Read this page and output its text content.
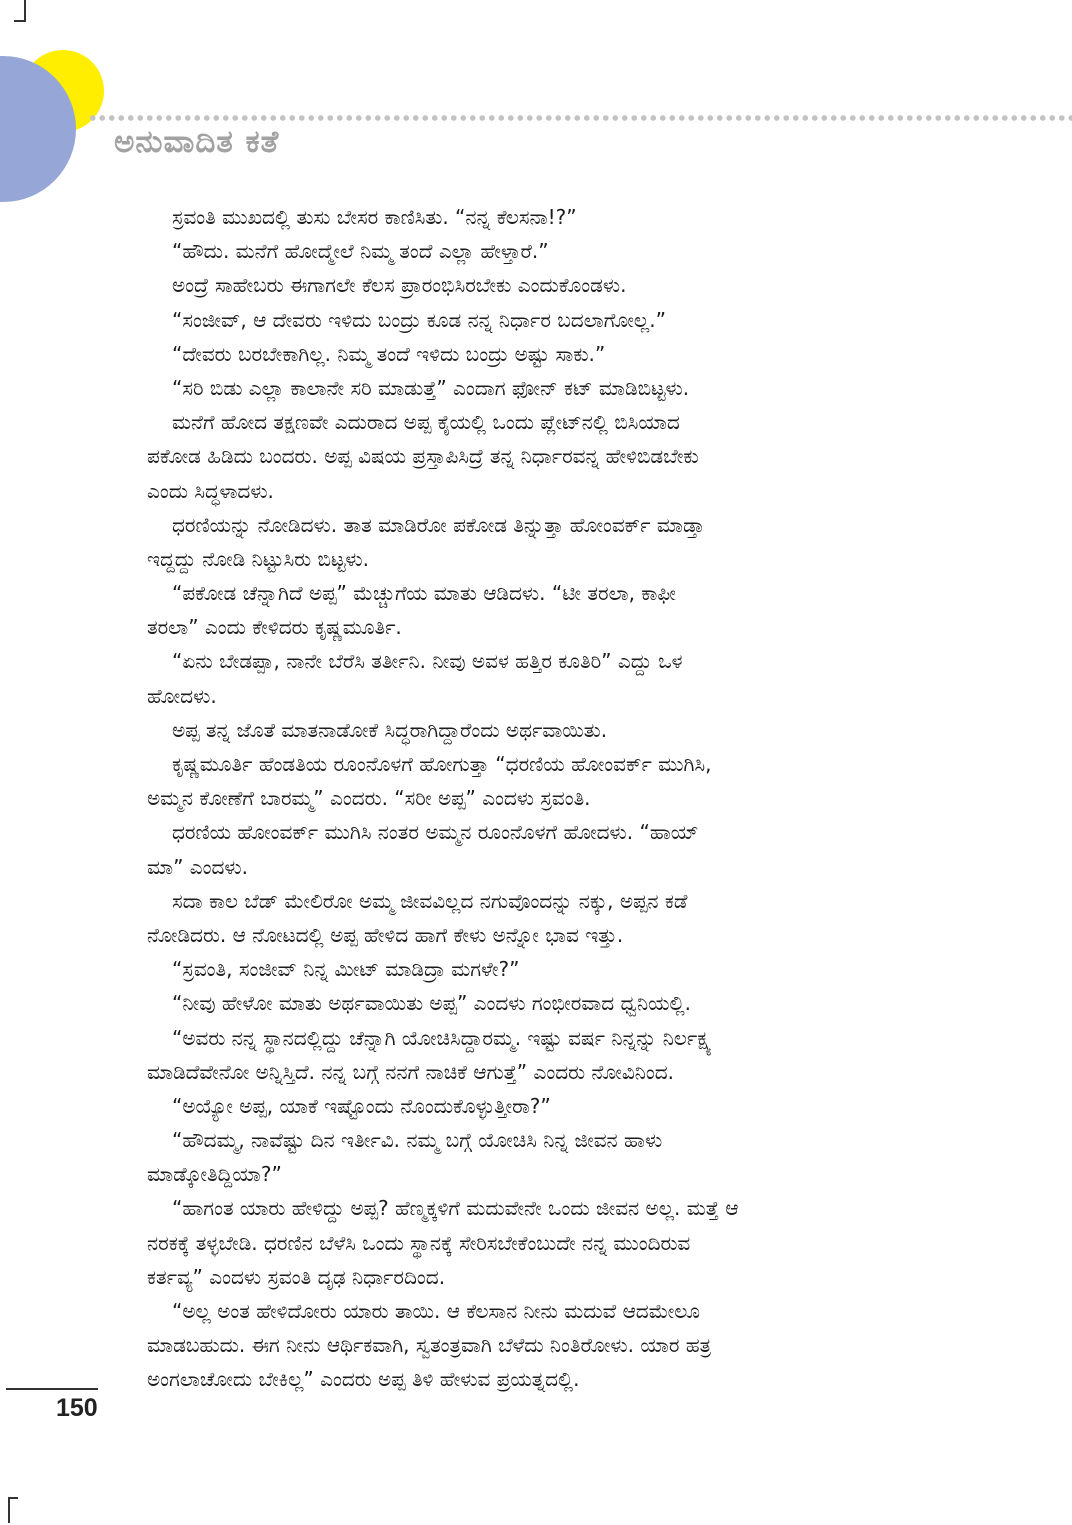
ಅನುವಾದಿತ ಕತೆ
ಸ್ರವಂತಿ ಮುಖದಲ್ಲಿ ತುಸು ಬೇಸರ ಕಾಣಿಸಿತು. “ನನ್ನ ಕೆಲಸನಾ!?”
“ಹೌದು. ಮನೆಗೆ ಹೋದ್ಮೇಲೆ ನಿಮ್ಮ ತಂದೆ ಎಲ್ಲಾ ಹೇಳ್ತಾರೆ.”
ಅಂದ್ರೆ ಸಾಹೇಬರು ಈಗಾಗಲೇ ಕೆಲಸ ಪ್ರಾರಂಭಿಸಿರಬೇಕು ಎಂದುಕೊಂಡಳು.
“ಸಂಜೀವ್, ಆ ದೇವರು ಇಳಿದು ಬಂದ್ರು ಕೂಡ ನನ್ನ ನಿರ್ಧಾರ ಬದಲಾಗೋಲ್ಲ.”
“ದೇವರು ಬರಬೇಕಾಗಿಲ್ಲ. ನಿಮ್ಮ ತಂದೆ ಇಳಿದು ಬಂದ್ರು ಅಷ್ಟು ಸಾಕು.”
“ಸರಿ ಬಿಡು ಎಲ್ಲಾ ಕಾಲಾನೇ ಸರಿ ಮಾಡುತ್ತೆ” ಎಂದಾಗ ಫೋನ್ ಕಟ್ ಮಾಡಿಬಿಟ್ಟಳು.
ಮನೆಗೆ ಹೋದ ತಕ್ಷಣವೇ ಎದುರಾದ ಅಪ್ಪ ಕೈಯಲ್ಲಿ ಒಂದು ಪ್ಲೇಟ್‌ನಲ್ಲಿ ಬಿಸಿಯಾದ
ಪಕೋಡ ಹಿಡಿದು ಬಂದರು. ಅಪ್ಪ ವಿಷಯ ಪ್ರಸ್ತಾಪಿಸಿದ್ರೆ ತನ್ನ ನಿರ್ಧಾರವನ್ನ ಹೇಳಿಬಿಡಬೇಕು
ಎಂದು ಸಿದ್ಧಳಾದಳು.
ಧರಣಿಯನ್ನು ನೋಡಿದಳು. ತಾತ ಮಾಡಿರೋ ಪಕೋಡ ತಿನ್ನುತ್ತಾ ಹೋಂವರ್ಕ್ ಮಾಡ್ತಾ
ಇದ್ದದ್ದು ನೋಡಿ ನಿಟ್ಟುಸಿರು ಬಿಟ್ಟಳು.
“ಪಕೋಡ ಚೆನ್ನಾಗಿದೆ ಅಪ್ಪ” ಮೆಚ್ಚುಗೆಯ ಮಾತು ಆಡಿದಳು. “ಟೀ ತರಲಾ, ಕಾಫೀ
ತರಲಾ” ಎಂದು ಕೇಳಿದರು ಕೃಷ್ಣಮೂರ್ತಿ.
“ಏನು ಬೇಡಪ್ಪಾ, ನಾನೇ ಬೆರೆಸಿ ತರ್ತೀನಿ. ನೀವು ಅವಳ ಹತ್ತಿರ ಕೂತಿರಿ” ಎದ್ದು ಒಳ
ಹೋದಳು.
ಅಪ್ಪ ತನ್ನ ಜೊತೆ ಮಾತನಾಡೋಕೆ ಸಿದ್ಧರಾಗಿದ್ದಾರೆಂದು ಅರ್ಥವಾಯಿತು.
ಕೃಷ್ಣಮೂರ್ತಿ ಹೆಂಡತಿಯ ರೂಂನೊಳಗೆ ಹೋಗುತ್ತಾ “ಧರಣಿಯ ಹೋಂವರ್ಕ್ ಮುಗಿಸಿ,
ಅಮ್ಮನ ಕೋಣೆಗೆ ಬಾರಮ್ಮ” ಎಂದರು. “ಸರೀ ಅಪ್ಪ” ಎಂದಳು ಸ್ರವಂತಿ.
ಧರಣಿಯ ಹೋಂವರ್ಕ್ ಮುಗಿಸಿ ನಂತರ ಅಮ್ಮನ ರೂಂನೊಳಗೆ ಹೋದಳು. “ಹಾಯ್
ಮಾ” ಎಂದಳು.
ಸದಾ ಕಾಲ ಬೆಡ್ ಮೇಲಿರೋ ಅಮ್ಮ ಜೀವವಿಲ್ಲದ ನಗುವೊಂದನ್ನು ನಕ್ಕು, ಅಪ್ಪನ ಕಡೆ
ನೋಡಿದರು. ಆ ನೋಟದಲ್ಲಿ ಅಪ್ಪ ಹೇಳಿದ ಹಾಗೆ ಕೇಳು ಅನ್ನೋ ಭಾವ ಇತ್ತು.
“ಸ್ರವಂತಿ, ಸಂಜೀವ್ ನಿನ್ನ ಮೀಟ್ ಮಾಡಿದ್ರಾ ಮಗಳೇ?”
“ನೀವು ಹೇಳೋ ಮಾತು ಅರ್ಥವಾಯಿತು ಅಪ್ಪ” ಎಂದಳು ಗಂಭೀರವಾದ ಧ್ವನಿಯಲ್ಲಿ.
“ಅವರು ನನ್ನ ಸ್ಥಾನದಲ್ಲಿದ್ದು ಚೆನ್ನಾಗಿ ಯೋಚಿಸಿದ್ದಾರಮ್ಮ. ಇಷ್ಟು ವರ್ಷ ನಿನ್ನನ್ನು ನಿರ್ಲಕ್ಷ್ಯ
ಮಾಡಿದೆವೇನೋ ಅನ್ನಿಸ್ತಿದೆ. ನನ್ನ ಬಗ್ಗೆ ನನಗೆ ನಾಚಿಕೆ ಆಗುತ್ತೆ” ಎಂದರು ನೋವಿನಿಂದ.
“ಅಯ್ಯೋ ಅಪ್ಪ, ಯಾಕೆ ಇಷ್ಟೊಂದು ನೊಂದುಕೊಳ್ಳುತ್ತೀರಾ?”
“ಹೌದಮ್ಮ, ನಾವೆಷ್ಟು ದಿನ ಇರ್ತೀವಿ. ನಮ್ಮ ಬಗ್ಗೆ ಯೋಚಿಸಿ ನಿನ್ನ ಜೀವನ ಹಾಳು
ಮಾಡ್ಕೋತಿದ್ದಿಯಾ?”
“ಹಾಗಂತ ಯಾರು ಹೇಳಿದ್ದು ಅಪ್ಪ? ಹೆಣ್ಮಕ್ಕಳಿಗೆ ಮದುವೇನೇ ಒಂದು ಜೀವನ ಅಲ್ಲ. ಮತ್ತೆ ಆ
ನರಕಕ್ಕೆ ತಳ್ಳಬೇಡಿ. ಧರಣಿನ ಬೆಳೆಸಿ ಒಂದು ಸ್ಥಾನಕ್ಕೆ ಸೇರಿಸಬೇಕೆಂಬುದೇ ನನ್ನ ಮುಂದಿರುವ
ಕರ್ತವ್ಯ” ಎಂದಳು ಸ್ರವಂತಿ ದೃಢ ನಿರ್ಧಾರದಿಂದ.
“ಅಲ್ಲ ಅಂತ ಹೇಳಿದೋರು ಯಾರು ತಾಯಿ. ಆ ಕೆಲಸಾನ ನೀನು ಮದುವೆ ಆದಮೇಲೂ
ಮಾಡಬಹುದು. ಈಗ ನೀನು ಆರ್ಥಿಕವಾಗಿ, ಸ್ವತಂತ್ರವಾಗಿ ಬೆಳೆದು ನಿಂತಿರೋಳು. ಯಾರ ಹತ್ರ
ಅಂಗಲಾಚೋದು ಬೇಕಿಲ್ಲ” ಎಂದರು ಅಪ್ಪ ತಿಳಿ ಹೇಳುವ ಪ್ರಯತ್ನದಲ್ಲಿ.
150
